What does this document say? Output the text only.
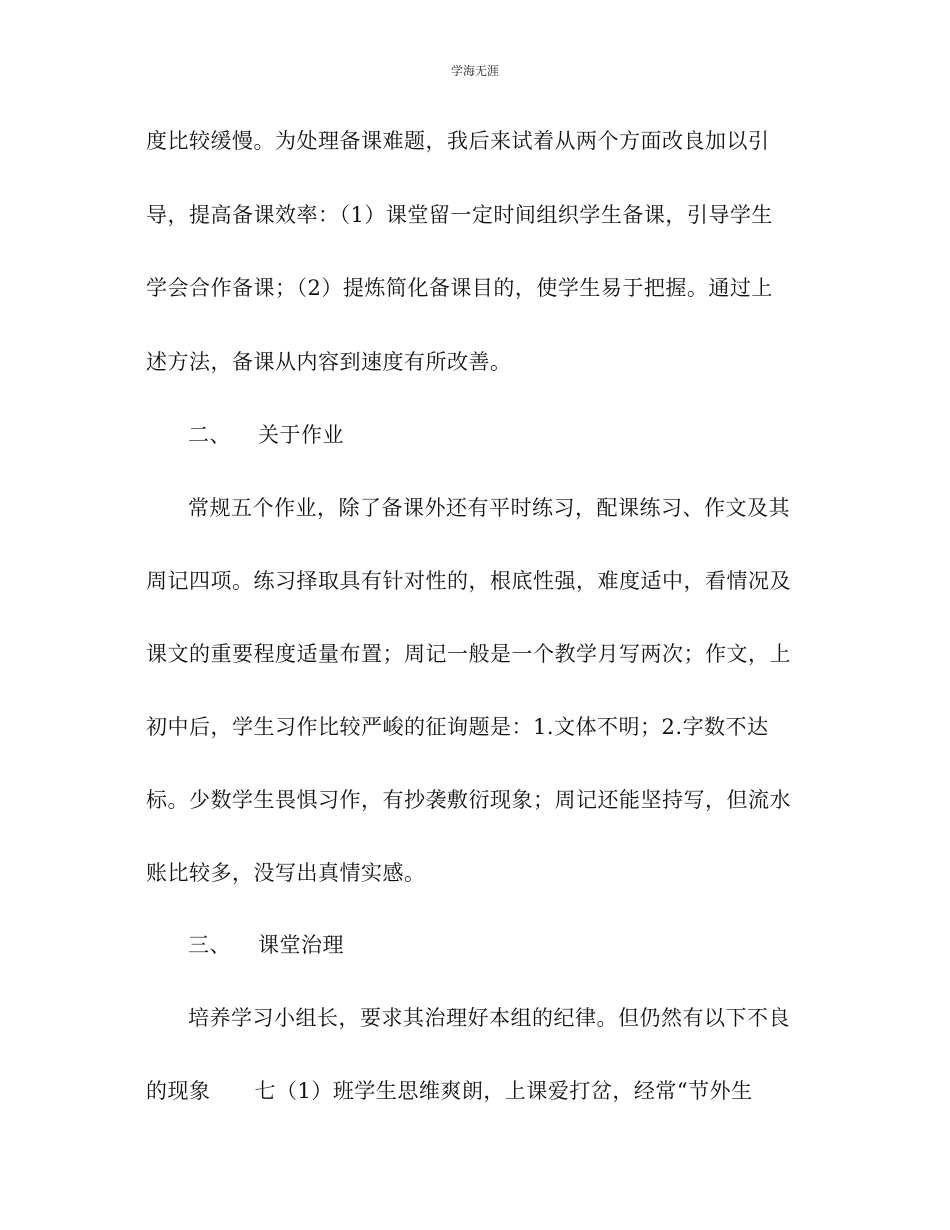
学海无涯
度比较缓慢。为处理备课难题，我后来试着从两个方面改良加以引
导，提高备课效率：（1）课堂留一定时间组织学生备课，引导学生
学会合作备课；（2）提炼简化备课目的，使学生易于把握。通过上
述方法，备课从内容到速度有所改善。
二、 关于作业
常规五个作业，除了备课外还有平时练习，配课练习、作文及其
周记四项。练习择取具有针对性的，根底性强，难度适中，看情况及
课文的重要程度适量布置；周记一般是一个教学月写两次；作文，上
初中后，学生习作比较严峻的征询题是：1.文体不明；2.字数不达
标。少数学生畏惧习作，有抄袭敷衍现象；周记还能坚持写，但流水
账比较多，没写出真情实感。
三、 课堂治理
培养学习小组长，要求其治理好本组的纪律。但仍然有以下不良
的现象 七（1）班学生思维爽朗，上课爱打岔，经常“节外生
